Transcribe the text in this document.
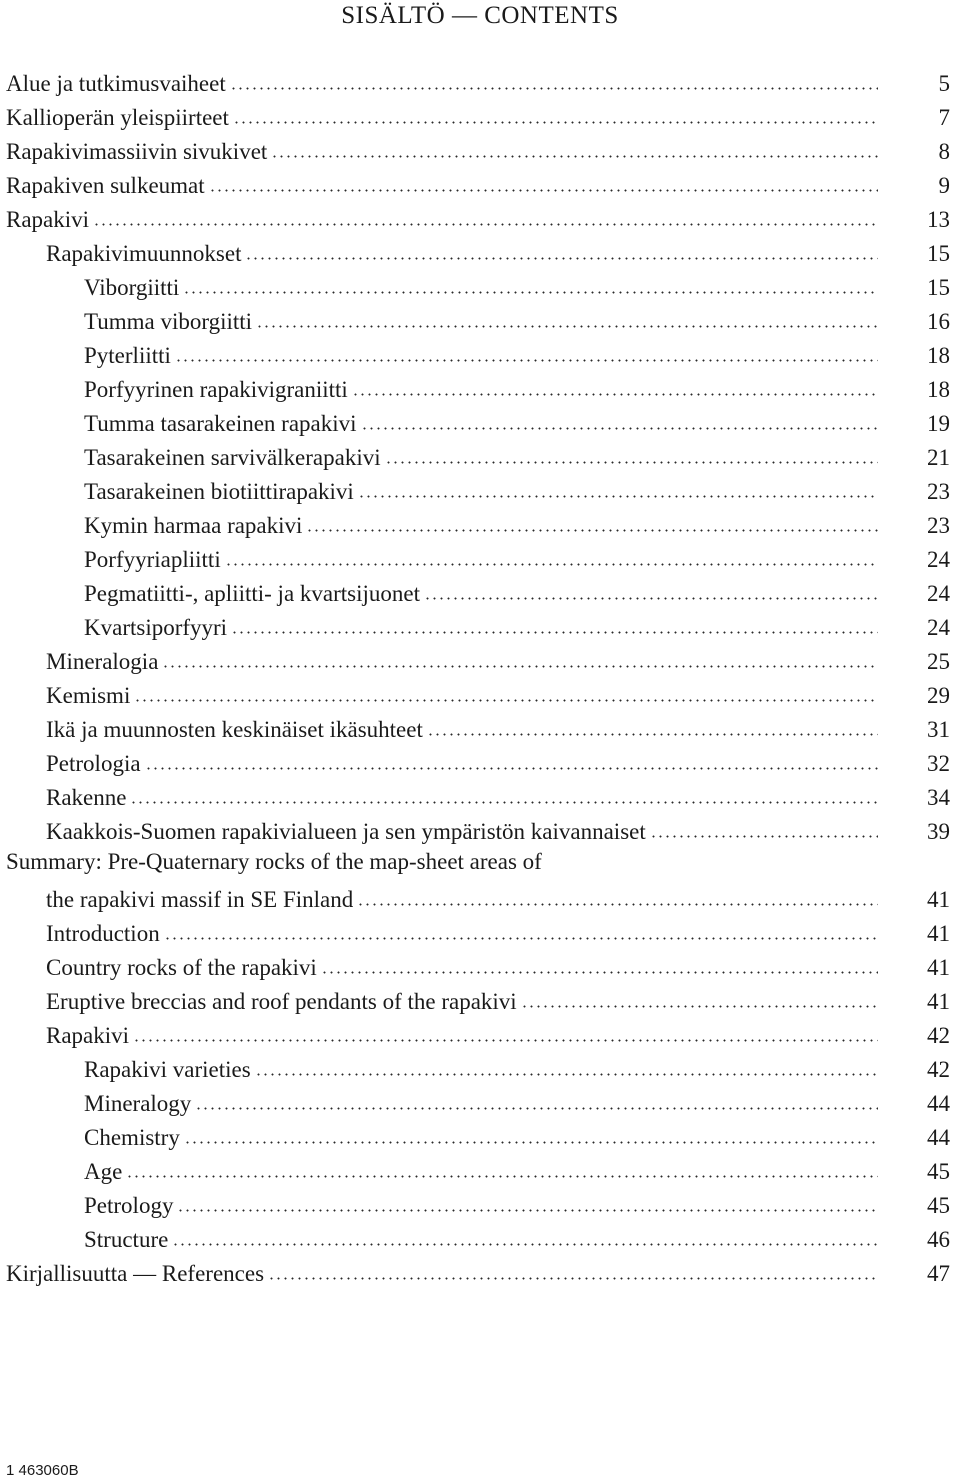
SISÄLTÖ — CONTENTS
Alue ja tutkimusvaiheet	5
Kallioperän yleispiirteet	7
Rapakivimassiivin sivukivet	8
Rapakiven sulkeumat	9
Rapakivi	13
Rapakivimuunnokset	15
Viborgiitti	15
Tumma viborgiitti	16
Pyterliitti	18
Porfyyrinen rapakivigraniitti	18
Tumma tasarakeinen rapakivi	19
Tasarakeinen sarvivälkerapakivi	21
Tasarakeinen biotiittirapakivi	23
Kymin harmaa rapakivi	23
Porfyyriapliitti	24
Pegmatiitti-, apliitti- ja kvartsijuonet	24
Kvartsiporfyyri	24
Mineralogia	25
Kemismi	29
Ikä ja muunnosten keskinäiset ikäsuhteet	31
Petrologia	32
Rakenne	34
Kaakkois-Suomen rapakivialueen ja sen ympäristön kaivannaiset	39
Summary: Pre-Quaternary rocks of the map-sheet areas of
the rapakivi massif in SE Finland	41
Introduction	41
Country rocks of the rapakivi	41
Eruptive breccias and roof pendants of the rapakivi	41
Rapakivi	42
Rapakivi varieties	42
Mineralogy	44
Chemistry	44
Age	45
Petrology	45
Structure	46
Kirjallisuutta — References	47
1 463060B
